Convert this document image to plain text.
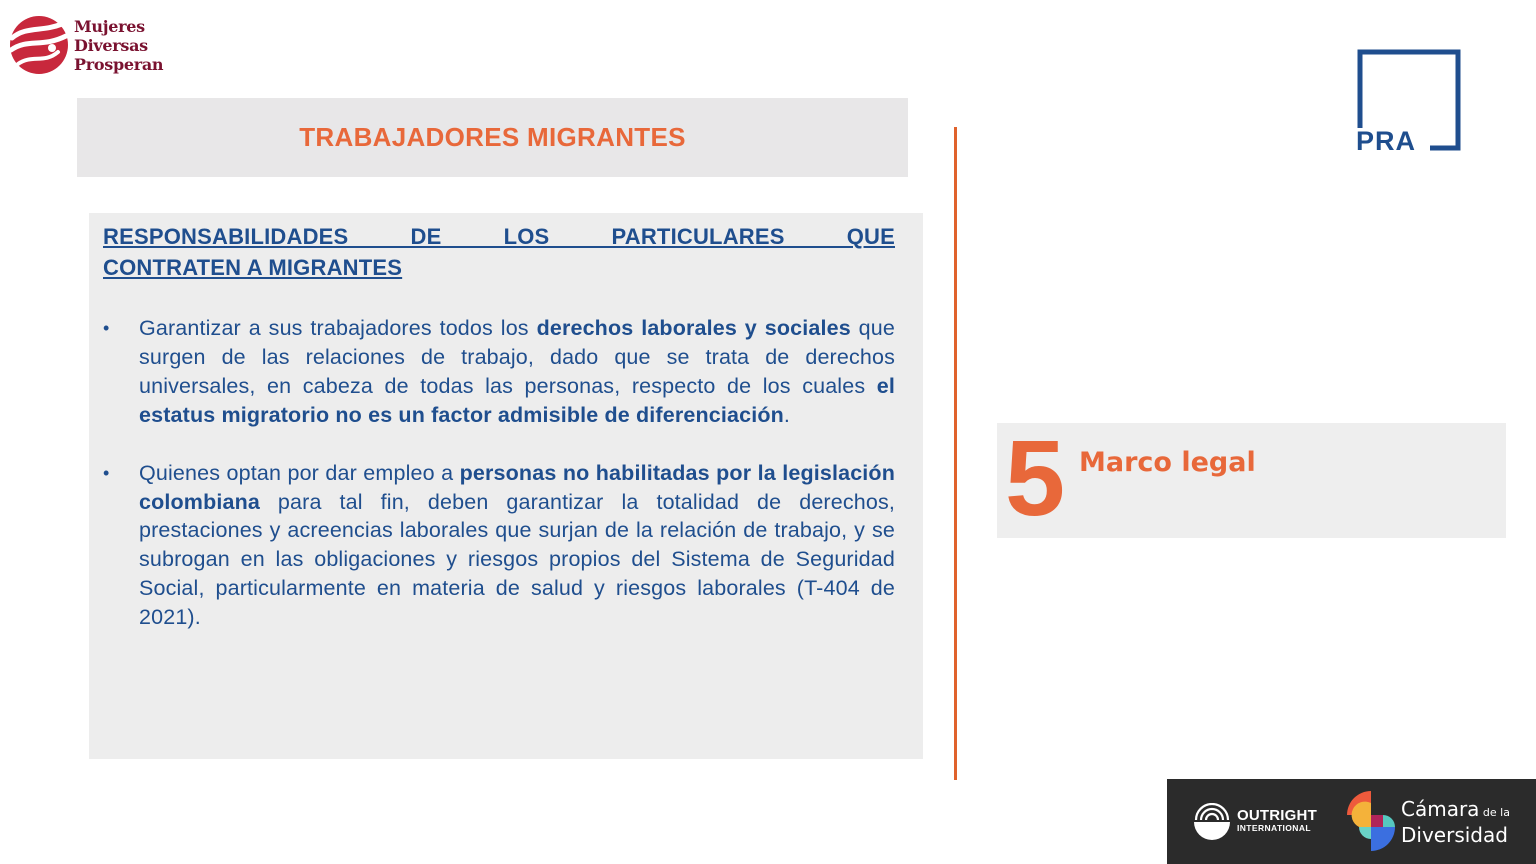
Mujeres
Diversas
Prosperan
TRABAJADORES MIGRANTES
RESPONSABILIDADES DE LOS PARTICULARES QUE
CONTRATEN A MIGRANTES
• Garantizar a sus trabajadores todos los derechos laborales y sociales que surgen de las relaciones de trabajo, dado que se trata de derechos universales, en cabeza de todas las personas, respecto de los cuales el estatus migratorio no es un factor admisible de diferenciación.
• Quienes optan por dar empleo a personas no habilitadas por la legislación colombiana para tal fin, deben garantizar la totalidad de derechos, prestaciones y acreencias laborales que surjan de la relación de trabajo, y se subrogan en las obligaciones y riesgos propios del Sistema de Seguridad Social, particularmente en materia de salud y riesgos laborales (T-404 de 2021).
PRA
5 Marco legal
OUTRIGHT
INTERNATIONAL
Cámara de la
Diversidad
